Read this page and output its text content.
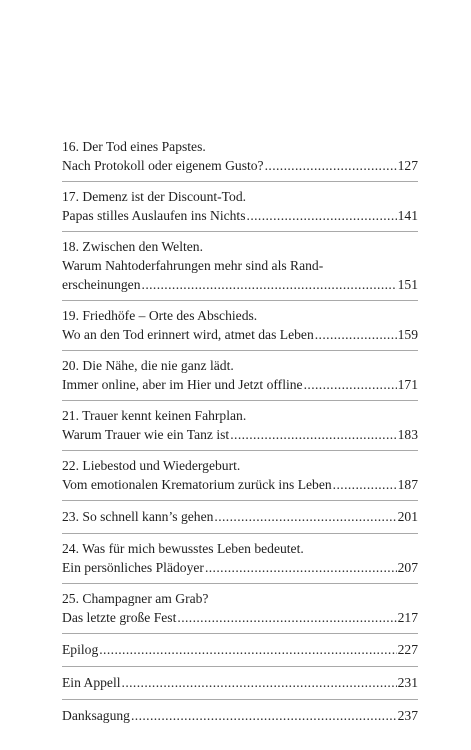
16. Der Tod eines Papstes.
Nach Protokoll oder eigenem Gusto? .....	127
17. Demenz ist der Discount-Tod.
Papas stilles Auslaufen ins Nichts .....	141
18. Zwischen den Welten.
Warum Nahtoderfahrungen mehr sind als Rand-
erscheinungen .....	151
19. Friedhöfe – Orte des Abschieds.
Wo an den Tod erinnert wird, atmet das Leben .....	159
20. Die Nähe, die nie ganz lädt.
Immer online, aber im Hier und Jetzt offline .....	171
21. Trauer kennt keinen Fahrplan.
Warum Trauer wie ein Tanz ist .....	183
22. Liebestod und Wiedergeburt.
Vom emotionalen Krematorium zurück ins Leben .....	187
23. So schnell kann’s gehen .....	201
24. Was für mich bewusstes Leben bedeutet.
Ein persönliches Plädoyer .....	207
25. Champagner am Grab?
Das letzte große Fest .....	217
Epilog .....	227
Ein Appell .....	231
Danksagung .....	237
